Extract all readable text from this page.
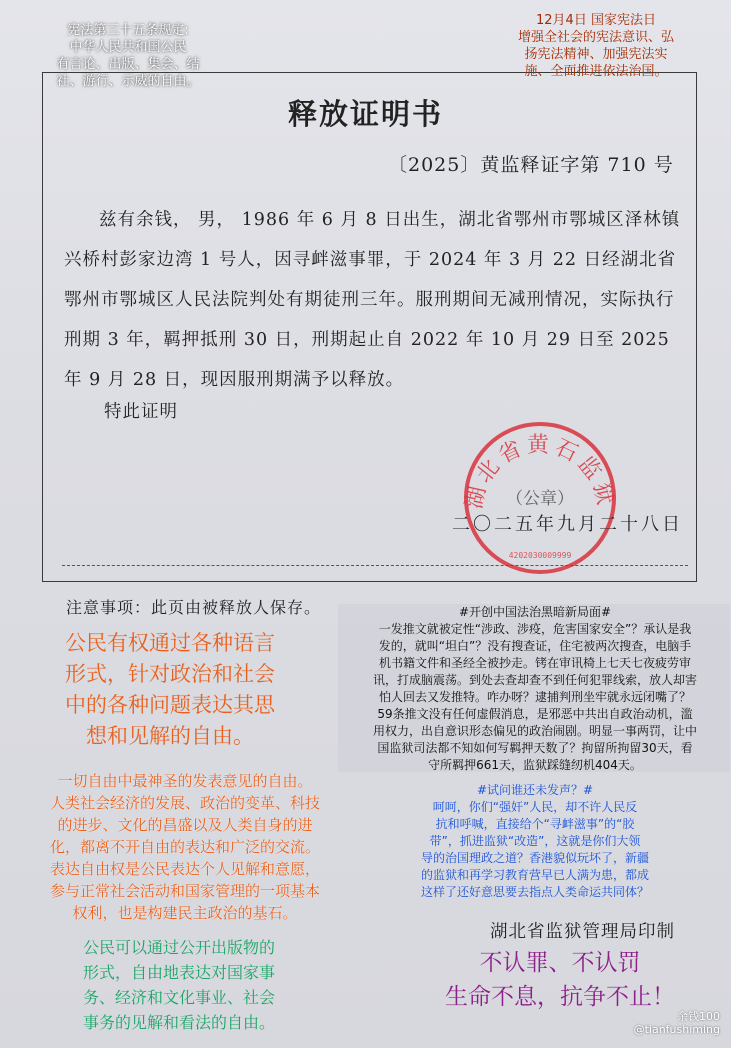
释放证明书
〔2025〕黄监释证字第 710 号

兹有余钱， 男， 1986 年 6 月 8 日出生，湖北省鄂州市鄂城区泽林镇兴桥村彭家边湾 1 号人，因寻衅滋事罪，于 2024 年 3 月 22 日经湖北省鄂州市鄂城区人民法院判处有期徒刑三年。服刑期间无减刑情况，实际执行刑期 3 年，羁押抵刑 30 日，刑期起止自 2022 年 10 月 29 日至 2025 年 9 月 28 日，现因服刑期满予以释放。

特此证明
湖北省黄石监狱
（公章）
4202030009999
二〇二五年九月二十八日
注意事项：此页由被释放人保存。
湖北省监狱管理局印制
宪法第三十五条规定:
中华人民共和国公民
有言论、出版、集会、结
社、游行、示威的自由。
12月4日 国家宪法日
增强全社会的宪法意识、弘
扬宪法精神、加强宪法实
施、全面推进依法治国。
公民有权通过各种语言
形式，针对政治和社会
中的各种问题表达其思
想和见解的自由。
一切自由中最神圣的发表意见的自由。
人类社会经济的发展、政治的变革、科技
的进步、文化的昌盛以及人类自身的进
化，都离不开自由的表达和广泛的交流。
表达自由权是公民表达个人见解和意愿，
参与正常社会活动和国家管理的一项基本
权利，也是构建民主政治的基石。
公民可以通过公开出版物的
形式，自由地表达对国家事
务、经济和文化事业、社会
事务的见解和看法的自由。
#开创中国法治黑暗新局面#
一发推文就被定性“涉政、涉疫，危害国家安全”？承认是我
发的，就叫“坦白”？没有搜查证，住宅被两次搜查，电脑手
机书籍文件和圣经全被抄走。铐在审讯椅上七天七夜疲劳审
讯，打成脑震荡。到处去查却查不到任何犯罪线索，放人却害
怕人回去又发推特。咋办呀？逮捕判刑坐牢就永远闭嘴了？
59条推文没有任何虚假消息，是邪恶中共出自政治动机，滥
用权力，出自意识形态偏见的政治闹剧。明显一事两罚，让中
国监狱司法都不知如何写羁押天数了？拘留所拘留30天，看
守所羁押661天，监狱踩缝纫机404天。
#试问谁还未发声？#
呵呵，你们“强奸”人民，却不许人民反
抗和呼喊，直接给个“寻衅滋事”的“胶
带”，抓进监狱“改造”，这就是你们大领
导的治国理政之道？香港貌似玩坏了，新疆
的监狱和再学习教育营早已人满为患，都成
这样了还好意思要去指点人类命运共同体？
不认罪、不认罚
生命不息，抗争不止！
余钱100
@tianfushiming
